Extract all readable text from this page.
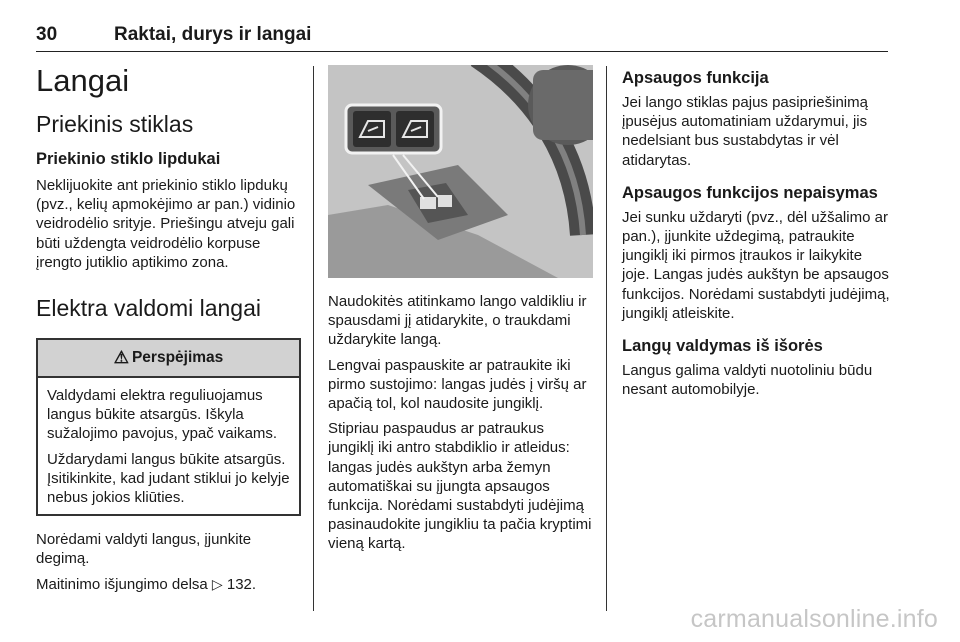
30	Raktai, durys ir langai
Langai
Priekinis stiklas
Priekinio stiklo lipdukai

Neklijuokite ant priekinio stiklo lipdukų (pvz., kelių apmokėjimo ar pan.) vidinio veidrodėlio srityje. Priešingu atveju gali būti uždengta veidrodėlio korpuse įrengto jutiklio aptikimo zona.

Elektra valdomi langai
⚠ Perspėjimas

Valdydami elektra reguliuojamus langus būkite atsargūs. Iškyla sužalojimo pavojus, ypač vaikams.

Uždarydami langus būkite atsargūs. Įsitikinkite, kad judant stiklui jo kelyje nebus jokios kliūties.

Norėdami valdyti langus, įjunkite degimą.

Maitinimo išjungimo delsa ▷ 132.

Naudokitės atitinkamo lango valdikliu ir spausdami jį atidarykite, o traukdami uždarykite langą.

Lengvai paspauskite ar patraukite iki pirmo sustojimo: langas judės į viršų ar apačią tol, kol naudosite jungiklį.

Stipriau paspaudus ar patraukus jungiklį iki antro stabdiklio ir atleidus: langas judės aukštyn arba žemyn automatiškai su įjungta apsaugos funkcija. Norėdami sustabdyti judėjimą pasinaudokite jungikliu ta pačia kryptimi vieną kartą.

Apsaugos funkcija

Jei lango stiklas pajus pasipriešinimą įpusėjus automatiniam uždarymui, jis nedelsiant bus sustabdytas ir vėl atidarytas.

Apsaugos funkcijos nepaisymas

Jei sunku uždaryti (pvz., dėl užšalimo ar pan.), įjunkite uždegimą, patraukite jungiklį iki pirmos įtraukos ir laikykite joje. Langas judės aukštyn be apsaugos funkcijos. Norėdami sustabdyti judėjimą, jungiklį atleiskite.

Langų valdymas iš išorės

Langus galima valdyti nuotoliniu būdu nesant automobilyje.

carmanualsonline.info
